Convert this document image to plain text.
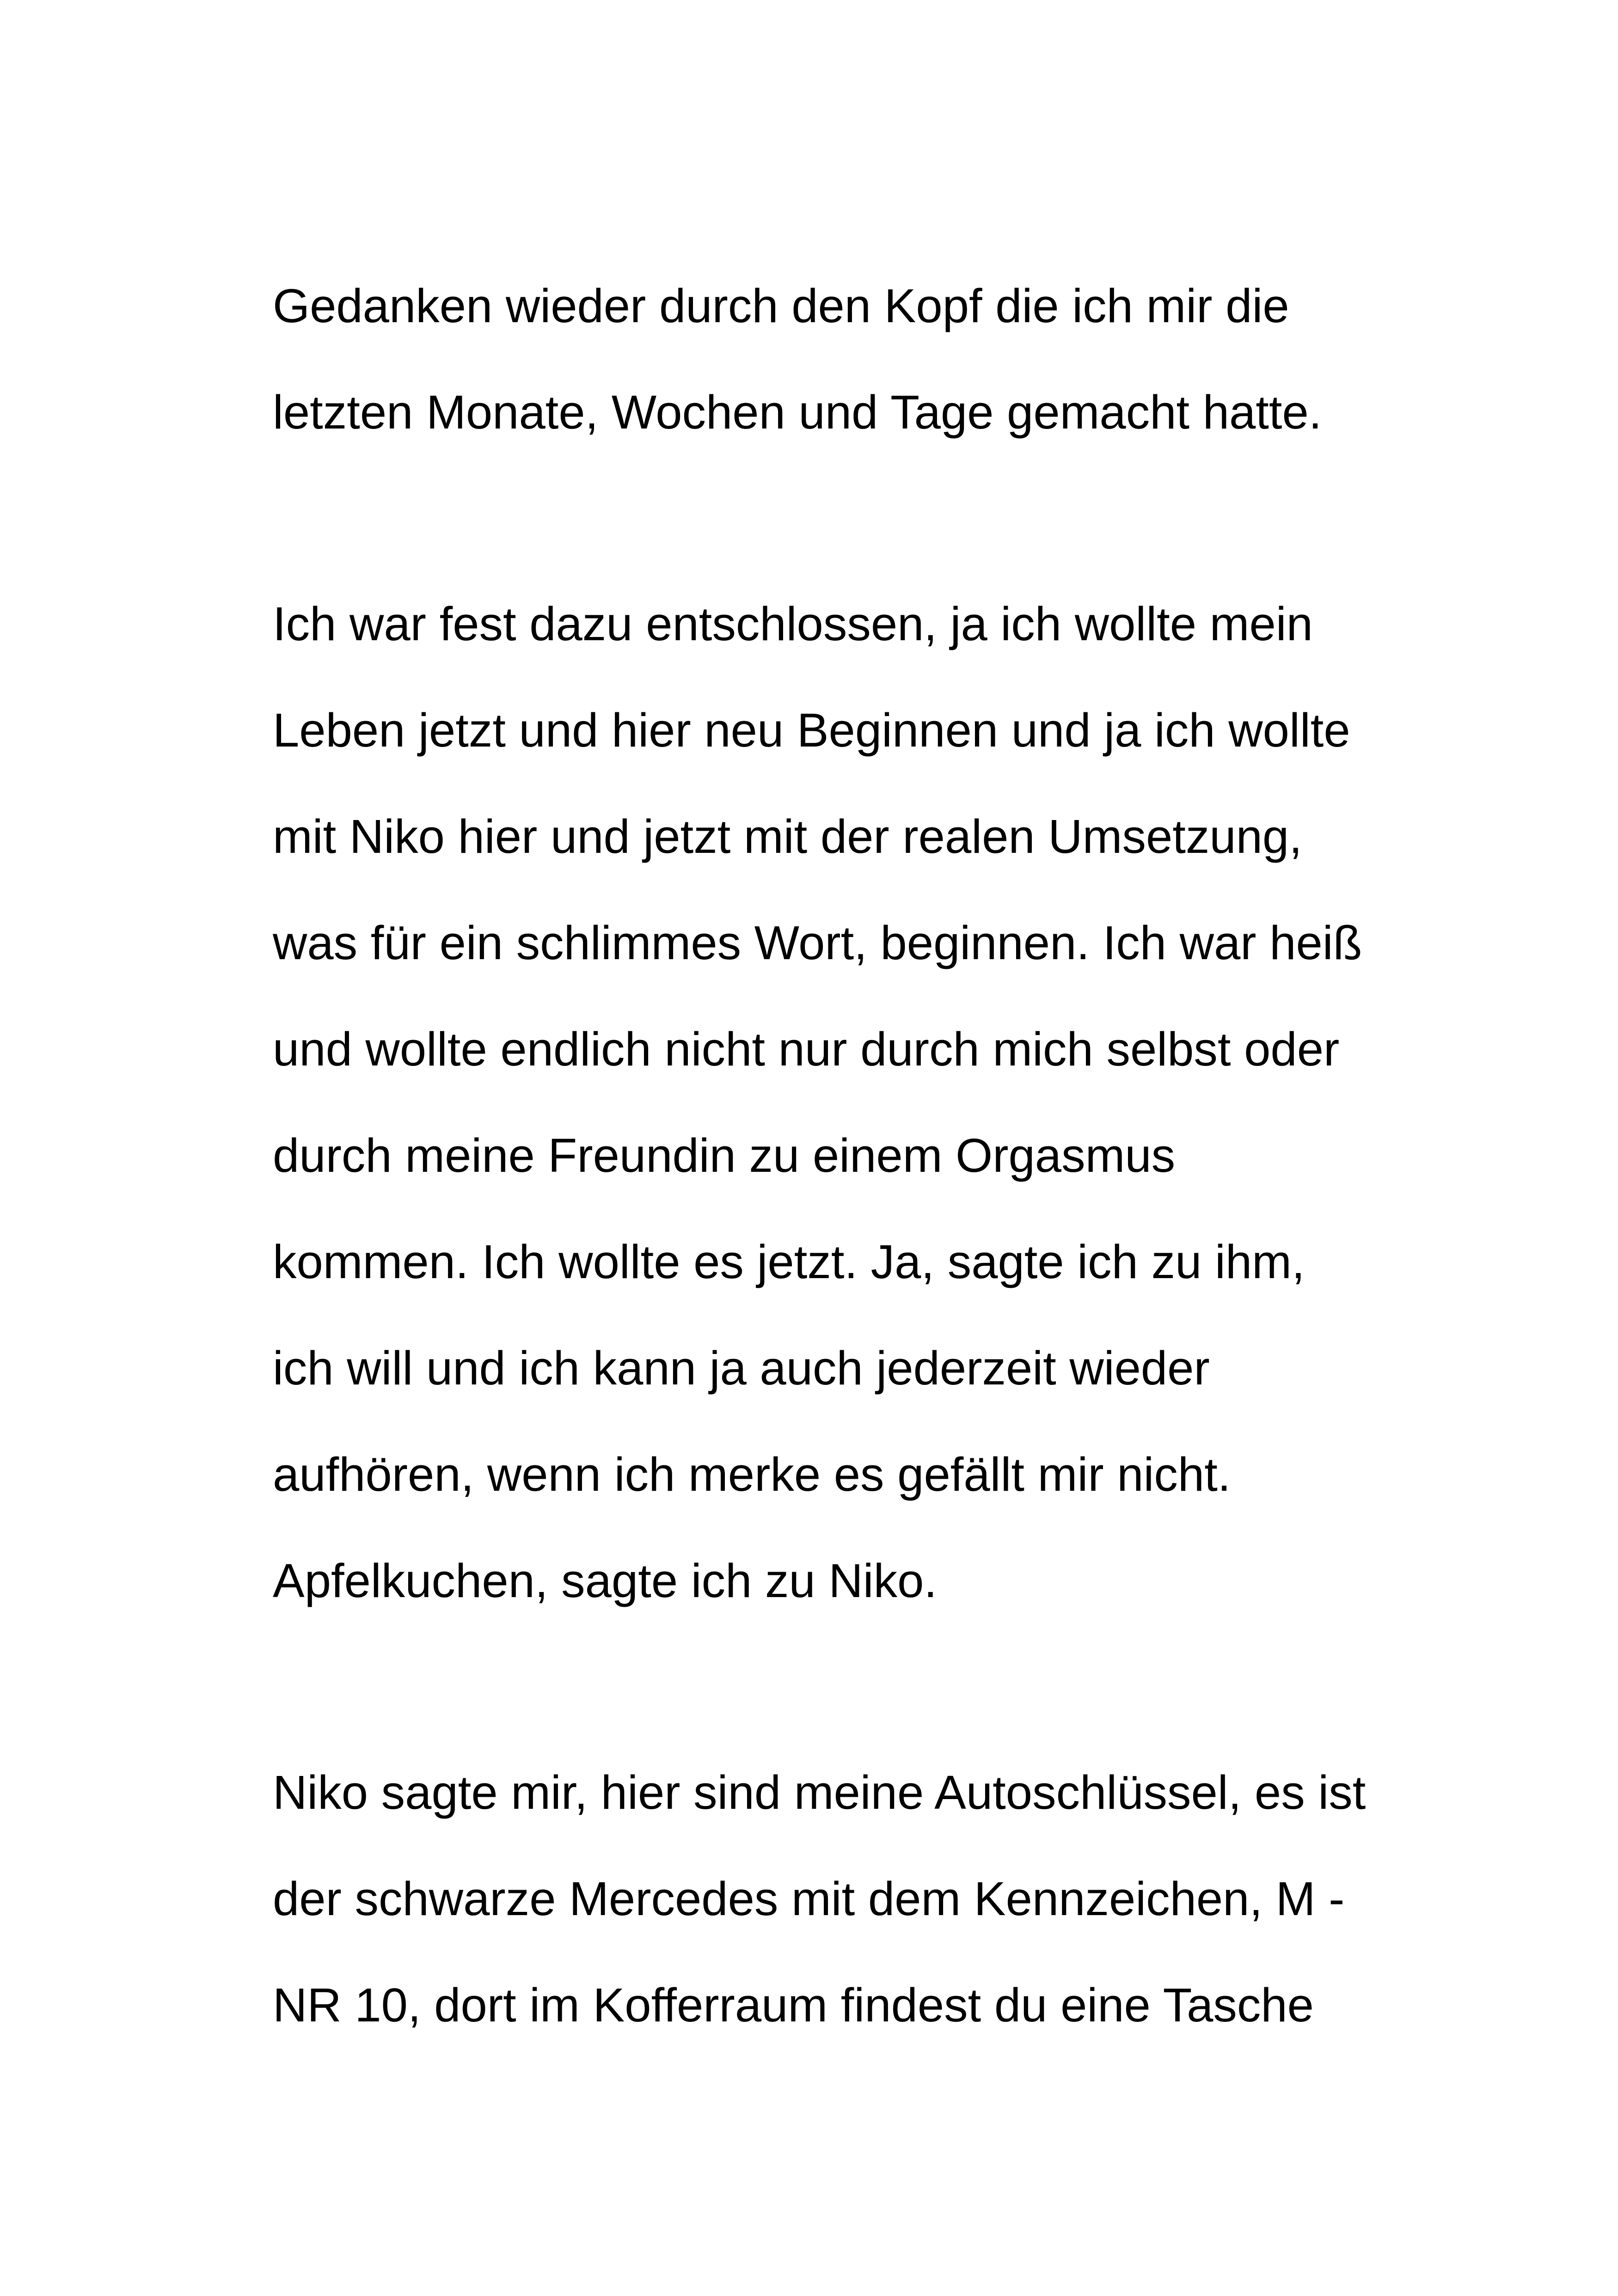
Gedanken wieder durch den Kopf die ich mir die
letzten Monate, Wochen und Tage gemacht hatte.
Ich war fest dazu entschlossen, ja ich wollte mein
Leben jetzt und hier neu Beginnen und ja ich wollte
mit Niko hier und jetzt mit der realen Umsetzung,
was für ein schlimmes Wort, beginnen. Ich war heiß
und wollte endlich nicht nur durch mich selbst oder
durch meine Freundin zu einem Orgasmus
kommen. Ich wollte es jetzt. Ja, sagte ich zu ihm,
ich will und ich kann ja auch jederzeit wieder
aufhören, wenn ich merke es gefällt mir nicht.
Apfelkuchen, sagte ich zu Niko.
Niko sagte mir, hier sind meine Autoschlüssel, es ist
der schwarze Mercedes mit dem Kennzeichen, M -
NR 10, dort im Kofferraum findest du eine Tasche
